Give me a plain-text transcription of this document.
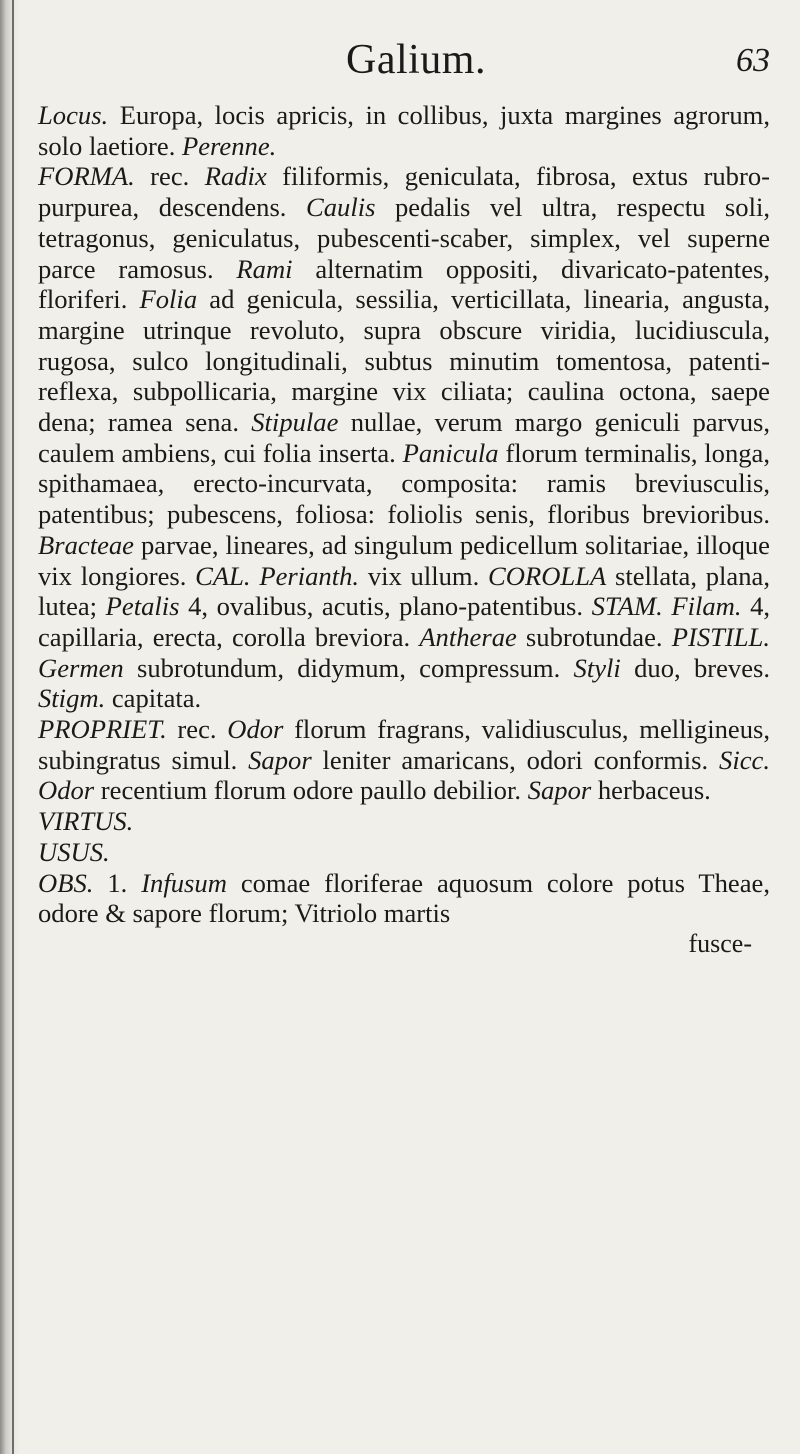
Galium.	63

Locus. Europa, locis apricis, in collibus, juxta margines agrorum, solo laetiore. Perenne.

FORMA. rec. Radix filiformis, geniculata, fibrosa, extus rubro-purpurea, descendens. Caulis pedalis vel ultra, respectu soli, tetragonus, geniculatus, pubescenti-scaber, simplex, vel superne parce ramosus. Rami alternatim oppositi, divaricato-patentes, floriferi. Folia ad genicula, sessilia, verticillata, linearia, angusta, margine utrinque revoluto, supra obscure viridia, lucidiuscula, rugosa, sulco longitudinali, subtus minutim tomentosa, patenti-reflexa, subpollicaria, margine vix ciliata; caulina octona, saepe dena; ramea sena. Stipulae nullae, verum margo geniculi parvus, caulem ambiens, cui folia inserta. Panicula florum terminalis, longa, spithamaea, erecto-incurvata, composita: ramis breviusculis, patentibus; pubescens, foliosa: foliolis senis, floribus brevioribus. Bracteae parvae, lineares, ad singulum pedicellum solitariae, illoque vix longiores. CAL. Perianth. vix ullum. COROLLA stellata, plana, lutea; Petalis 4, ovalibus, acutis, plano-patentibus. STAM. Filam. 4, capillaria, erecta, corolla breviora. Antherae subrotundae. PISTILL. Germen subrotundum, didymum, compressum. Styli duo, breves. Stigm. capitata.

PROPRIET. rec. Odor florum fragrans, validiusculus, melligineus, subingratus simul. Sapor leniter amaricans, odori conformis. Sicc. Odor recentium florum odore paullo debilior. Sapor herbaceus.

VIRTUS.

USUS.

OBS. 1. Infusum comae floriferae aquosum colore potus Theae, odore & sapore florum; Vitriolo martis

fuscе-
